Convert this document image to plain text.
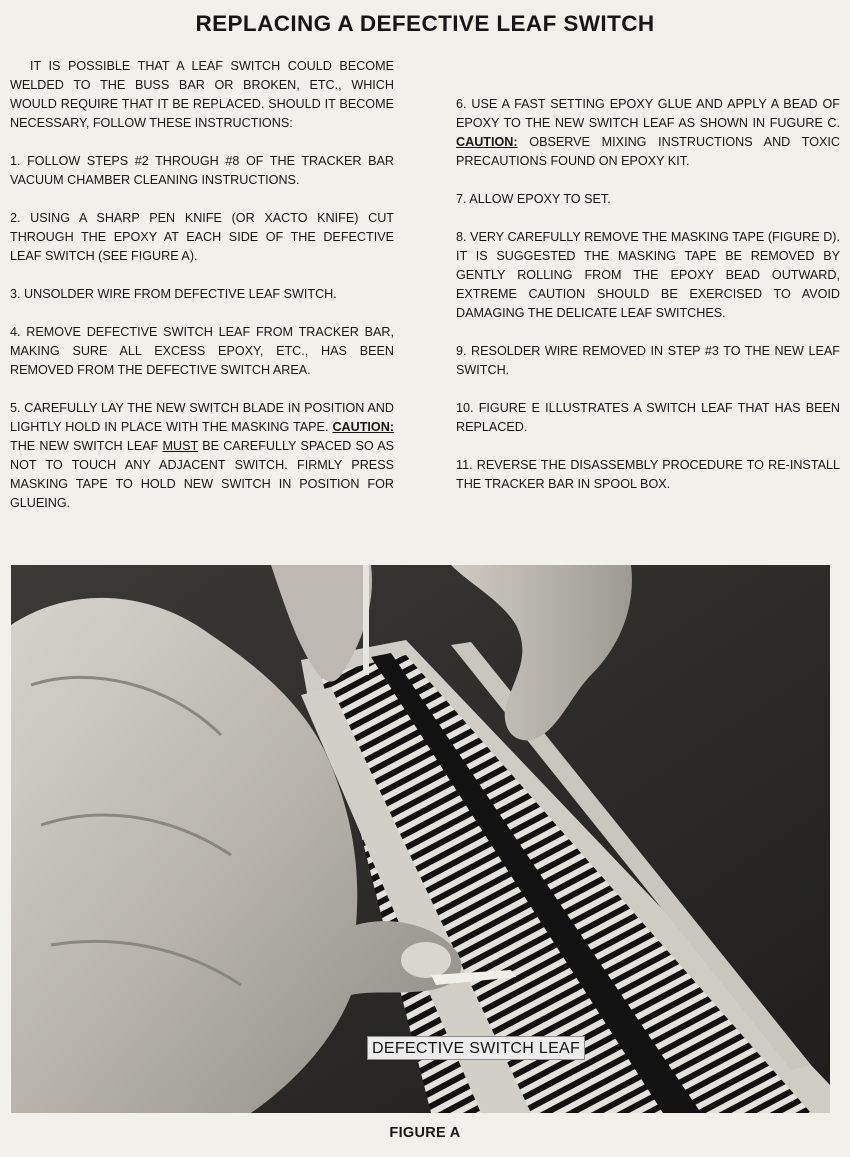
REPLACING A DEFECTIVE LEAF SWITCH

IT IS POSSIBLE THAT A LEAF SWITCH COULD BECOME WELDED TO THE BUSS BAR OR BROKEN, ETC., WHICH WOULD REQUIRE THAT IT BE REPLACED. SHOULD IT BECOME NECESSARY, FOLLOW THESE INSTRUCTIONS:

1. FOLLOW STEPS #2 THROUGH #8 OF THE TRACKER BAR VACUUM CHAMBER CLEANING INSTRUCTIONS.

2. USING A SHARP PEN KNIFE (OR XACTO KNIFE) CUT THROUGH THE EPOXY AT EACH SIDE OF THE DEFECTIVE LEAF SWITCH (SEE FIGURE A).

3. UNSOLDER WIRE FROM DEFECTIVE LEAF SWITCH.

4. REMOVE DEFECTIVE SWITCH LEAF FROM TRACKER BAR, MAKING SURE ALL EXCESS EPOXY, ETC., HAS BEEN REMOVED FROM THE DEFECTIVE SWITCH AREA.

5. CAREFULLY LAY THE NEW SWITCH BLADE IN POSITION AND LIGHTLY HOLD IN PLACE WITH THE MASKING TAPE. CAUTION: THE NEW SWITCH LEAF MUST BE CAREFULLY SPACED SO AS NOT TO TOUCH ANY ADJACENT SWITCH. FIRMLY PRESS MASKING TAPE TO HOLD NEW SWITCH IN POSITION FOR GLUEING.

6. USE A FAST SETTING EPOXY GLUE AND APPLY A BEAD OF EPOXY TO THE NEW SWITCH LEAF AS SHOWN IN FUGURE C. CAUTION: OBSERVE MIXING INSTRUCTIONS AND TOXIC PRECAUTIONS FOUND ON EPOXY KIT.

7. ALLOW EPOXY TO SET.

8. VERY CAREFULLY REMOVE THE MASKING TAPE (FIGURE D). IT IS SUGGESTED THE MASKING TAPE BE REMOVED BY GENTLY ROLLING FROM THE EPOXY BEAD OUTWARD, EXTREME CAUTION SHOULD BE EXERCISED TO AVOID DAMAGING THE DELICATE LEAF SWITCHES.

9. RESOLDER WIRE REMOVED IN STEP #3 TO THE NEW LEAF SWITCH.

10. FIGURE E ILLUSTRATES A SWITCH LEAF THAT HAS BEEN REPLACED.

11. REVERSE THE DISASSEMBLY PROCEDURE TO RE-INSTALL THE TRACKER BAR IN SPOOL BOX.

DEFECTIVE SWITCH LEAF
FIGURE A
